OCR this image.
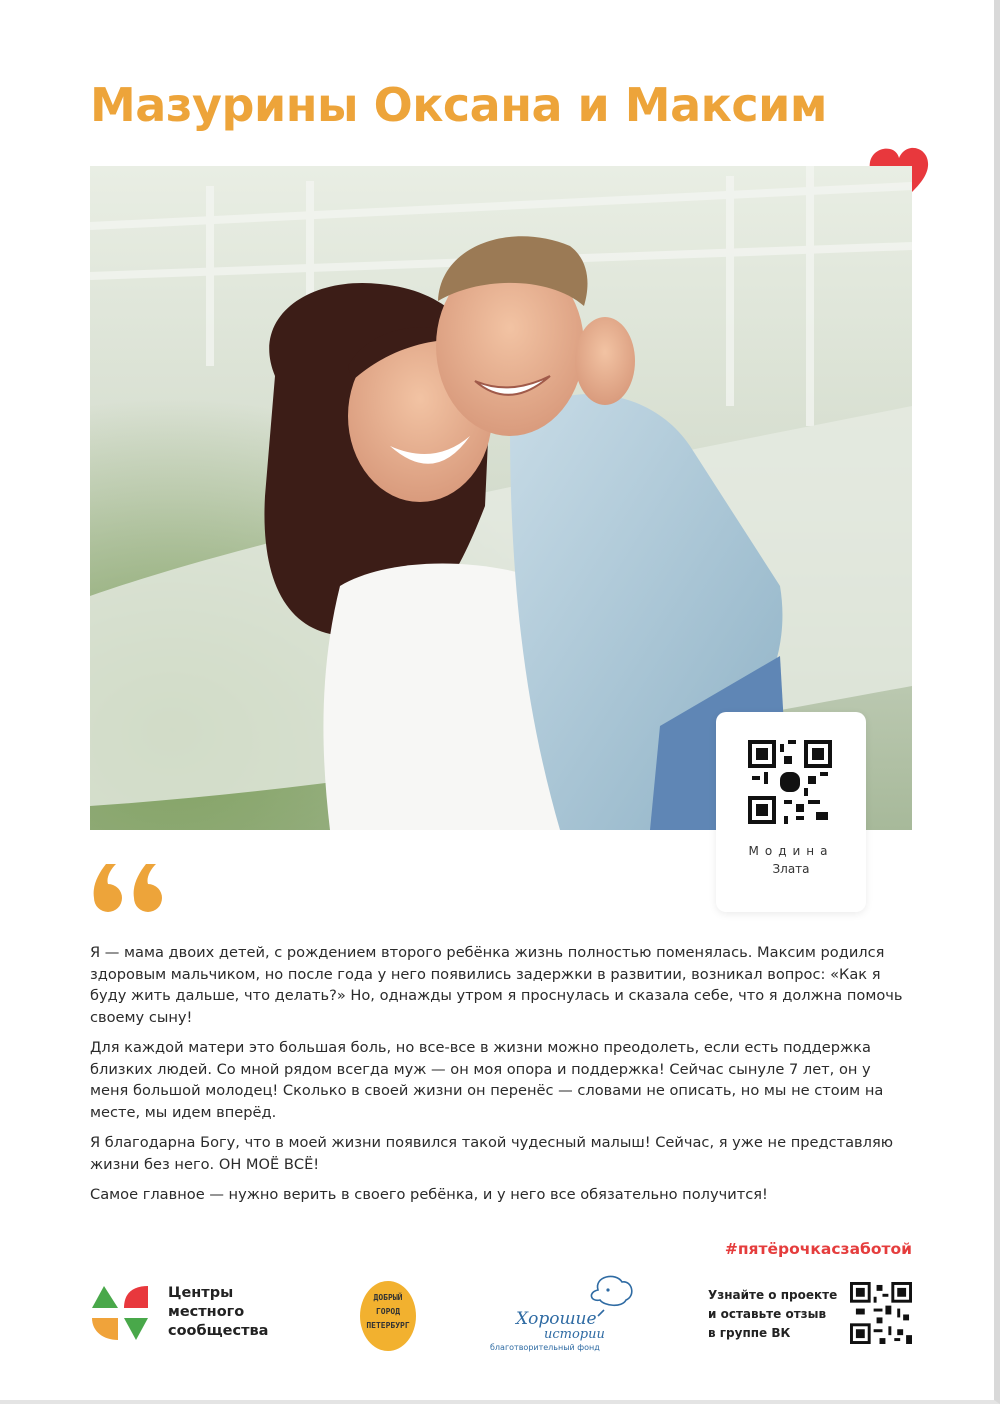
Мазурины Оксана и Максим
Модина
Злата

Я — мама двоих детей, с рождением второго ребёнка жизнь полностью поменялась. Максим родился здоровым мальчиком, но после года у него появились задержки в развитии, возникал вопрос: «Как я буду жить дальше, что делать?» Но, однажды утром я проснулась и сказала себе, что я должна помочь своему сыну!

Для каждой матери это большая боль, но все-все в жизни можно преодолеть, если есть поддержка близких людей. Со мной рядом всегда муж — он моя опора и поддержка! Сейчас сынуле 7 лет, он у меня большой молодец! Сколько в своей жизни он перенёс — словами не описать, но мы не стоим на месте, мы идем вперёд.

Я благодарна Богу, что в моей жизни появился такой чудесный малыш! Сейчас, я уже не представляю жизни без него. ОН МОЁ ВСЁ!

Самое главное — нужно верить в своего ребёнка, и у него все обязательно получится!

#пятёрочкасзаботой
Центры
местного
сообщества
ДОБРЫЙ
ГОРОД
ПЕТЕРБУРГ	Хорошие
истории
благотворительный фонд
Узнайте о проекте
и оставьте отзыв
в группе ВК
